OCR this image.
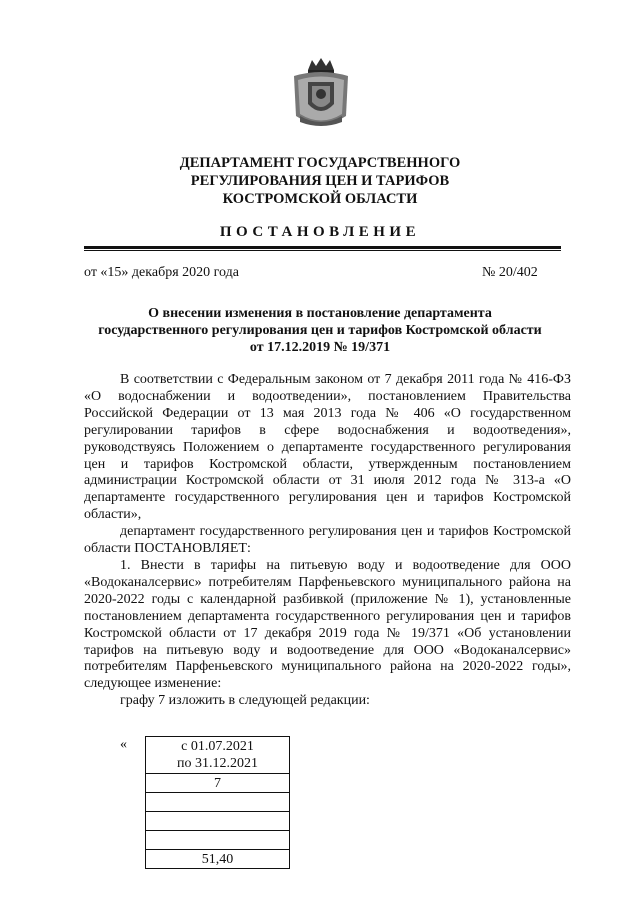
ДЕПАРТАМЕНТ ГОСУДАРСТВЕННОГО
РЕГУЛИРОВАНИЯ ЦЕН И ТАРИФОВ
КОСТРОМСКОЙ ОБЛАСТИ
ПОСТАНОВЛЕНИЕ
от «15» декабря 2020 года	№ 20/402
О внесении изменения в постановление департамента
государственного регулирования цен и тарифов Костромской области
от 17.12.2019 № 19/371

В соответствии с Федеральным законом от 7 декабря 2011 года № 416-ФЗ «О водоснабжении и водоотведении», постановлением Правительства Российской Федерации от 13 мая 2013 года № 406 «О государственном регулировании тарифов в сфере водоснабжения и водоотведения», руководствуясь Положением о департаменте государственного регулирования цен и тарифов Костромской области, утвержденным постановлением администрации Костромской области от 31 июля 2012 года № 313-а «О департаменте государственного регулирования цен и тарифов Костромской области»,

департамент государственного регулирования цен и тарифов Костромской области ПОСТАНОВЛЯЕТ:

1. Внести в тарифы на питьевую воду и водоотведение для ООО «Водоканалсервис» потребителям Парфеньевского муниципального района на 2020-2022 годы с календарной разбивкой (приложение № 1), установленные постановлением департамента государственного регулирования цен и тарифов Костромской области от 17 декабря 2019 года № 19/371 «Об установлении тарифов на питьевую воду и водоотведение для ООО «Водоканалсервис» потребителям Парфеньевского муниципального района на 2020-2022 годы», следующее изменение:

графу 7 изложить в следующей редакции:

«	с 01.07.2021
по 31.12.2021

7

51,40
